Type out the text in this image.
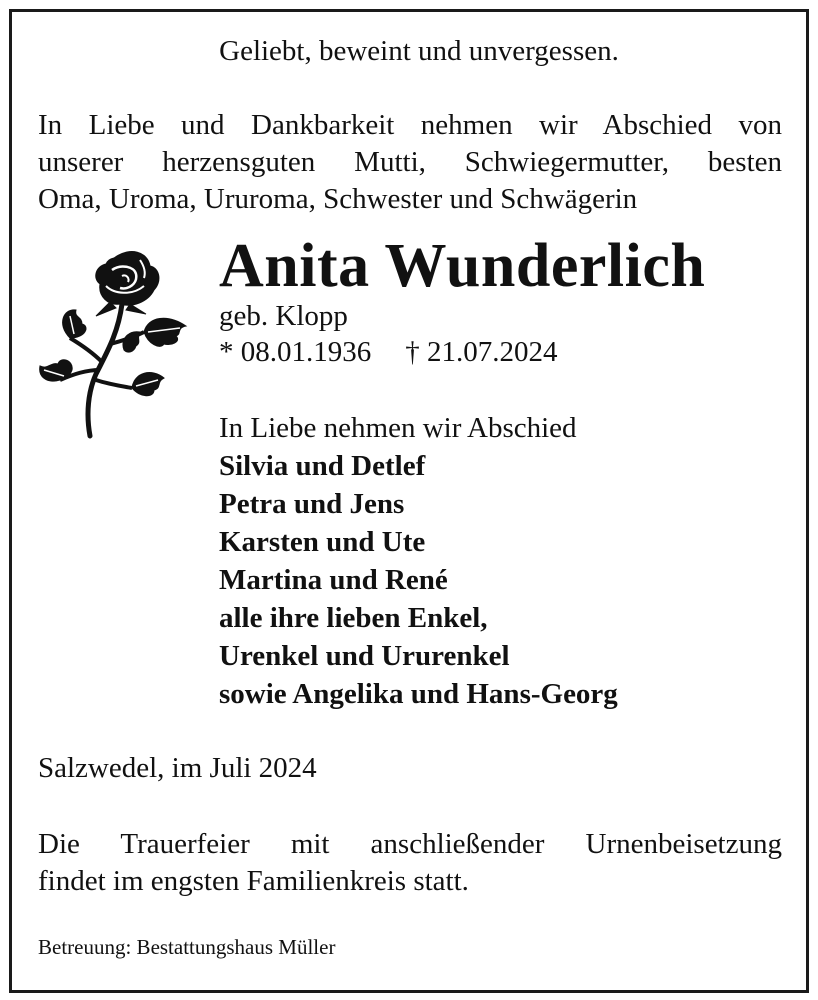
Geliebt, beweint und unvergessen.
In Liebe und Dankbarkeit nehmen wir Abschied von
unserer herzensguten Mutti, Schwiegermutter, besten
Oma, Uroma, Ururoma, Schwester und Schwägerin
Anita Wunderlich
geb. Klopp
* 08.01.1936 † 21.07.2024
In Liebe nehmen wir Abschied
Silvia und Detlef
Petra und Jens
Karsten und Ute
Martina und René
alle ihre lieben Enkel,
Urenkel und Ururenkel
sowie Angelika und Hans-Georg
Salzwedel, im Juli 2024
Die Trauerfeier mit anschließender Urnenbeisetzung
findet im engsten Familienkreis statt.
Betreuung: Bestattungshaus Müller
